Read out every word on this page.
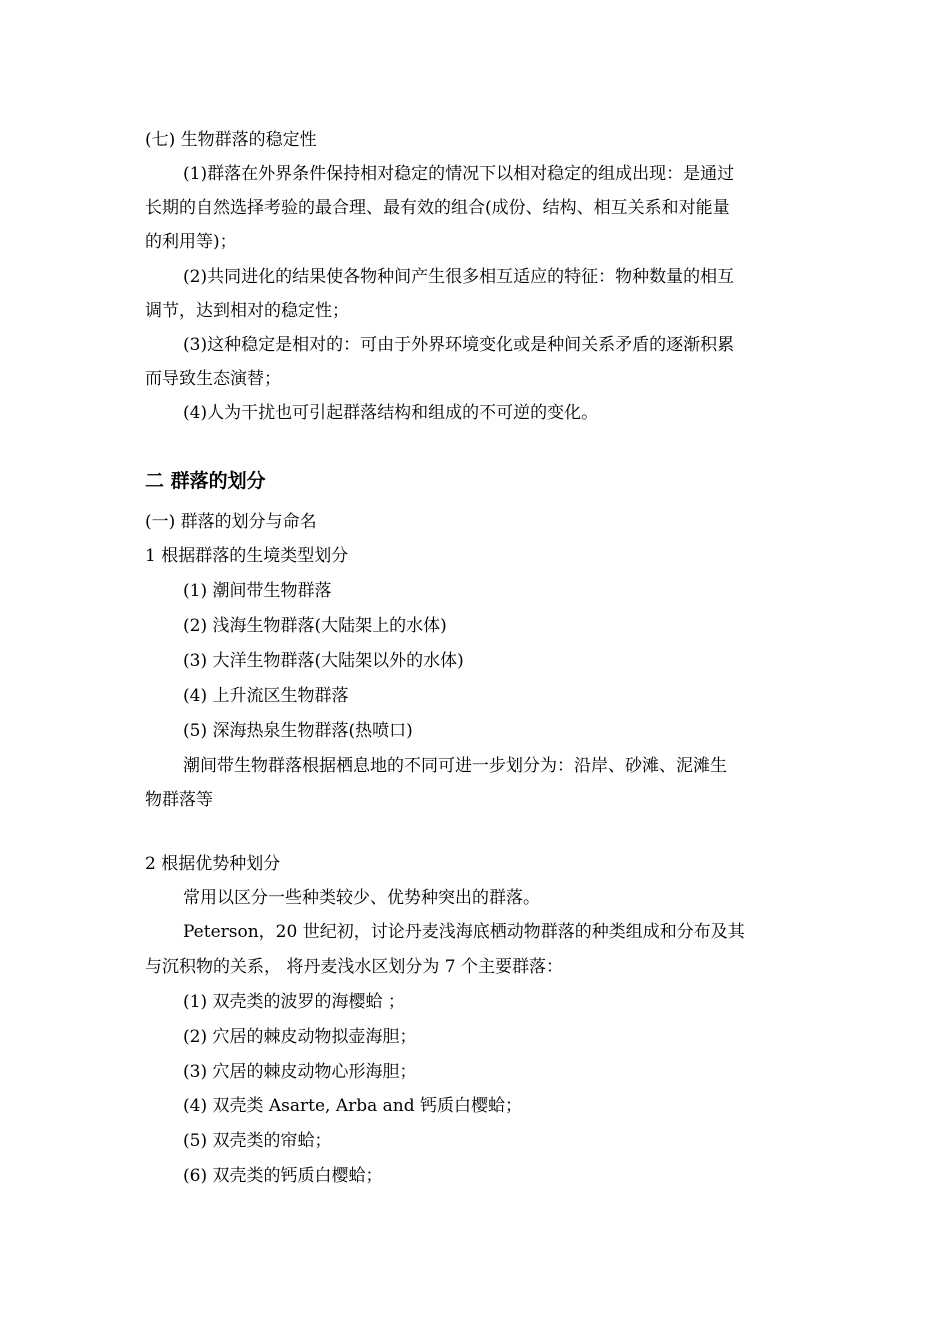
(七) 生物群落的稳定性
(1)群落在外界条件保持相对稳定的情况下以相对稳定的组成出现：是通过
长期的自然选择考验的最合理、最有效的组合(成份、结构、相互关系和对能量
的利用等)；
(2)共同进化的结果使各物种间产生很多相互适应的特征：物种数量的相互
调节，达到相对的稳定性；
(3)这种稳定是相对的：可由于外界环境变化或是种间关系矛盾的逐渐积累
而导致生态演替；
(4)人为干扰也可引起群落结构和组成的不可逆的变化。
二 群落的划分
(一) 群落的划分与命名
1 根据群落的生境类型划分
(1) 潮间带生物群落
(2) 浅海生物群落(大陆架上的水体)
(3) 大洋生物群落(大陆架以外的水体)
(4) 上升流区生物群落
(5) 深海热泉生物群落(热喷口)
潮间带生物群落根据栖息地的不同可进一步划分为：沿岸、砂滩、泥滩生
物群落等
2 根据优势种划分
常用以区分一些种类较少、优势种突出的群落。
Peterson，20 世纪初，讨论丹麦浅海底栖动物群落的种类组成和分布及其
与沉积物的关系， 将丹麦浅水区划分为 7 个主要群落：
(1) 双壳类的波罗的海樱蛤 ；
(2) 穴居的棘皮动物拟壶海胆；
(3) 穴居的棘皮动物心形海胆；
(4) 双壳类 Asarte, Arba and 钙质白樱蛤；
(5) 双壳类的帘蛤；
(6) 双壳类的钙质白樱蛤；
